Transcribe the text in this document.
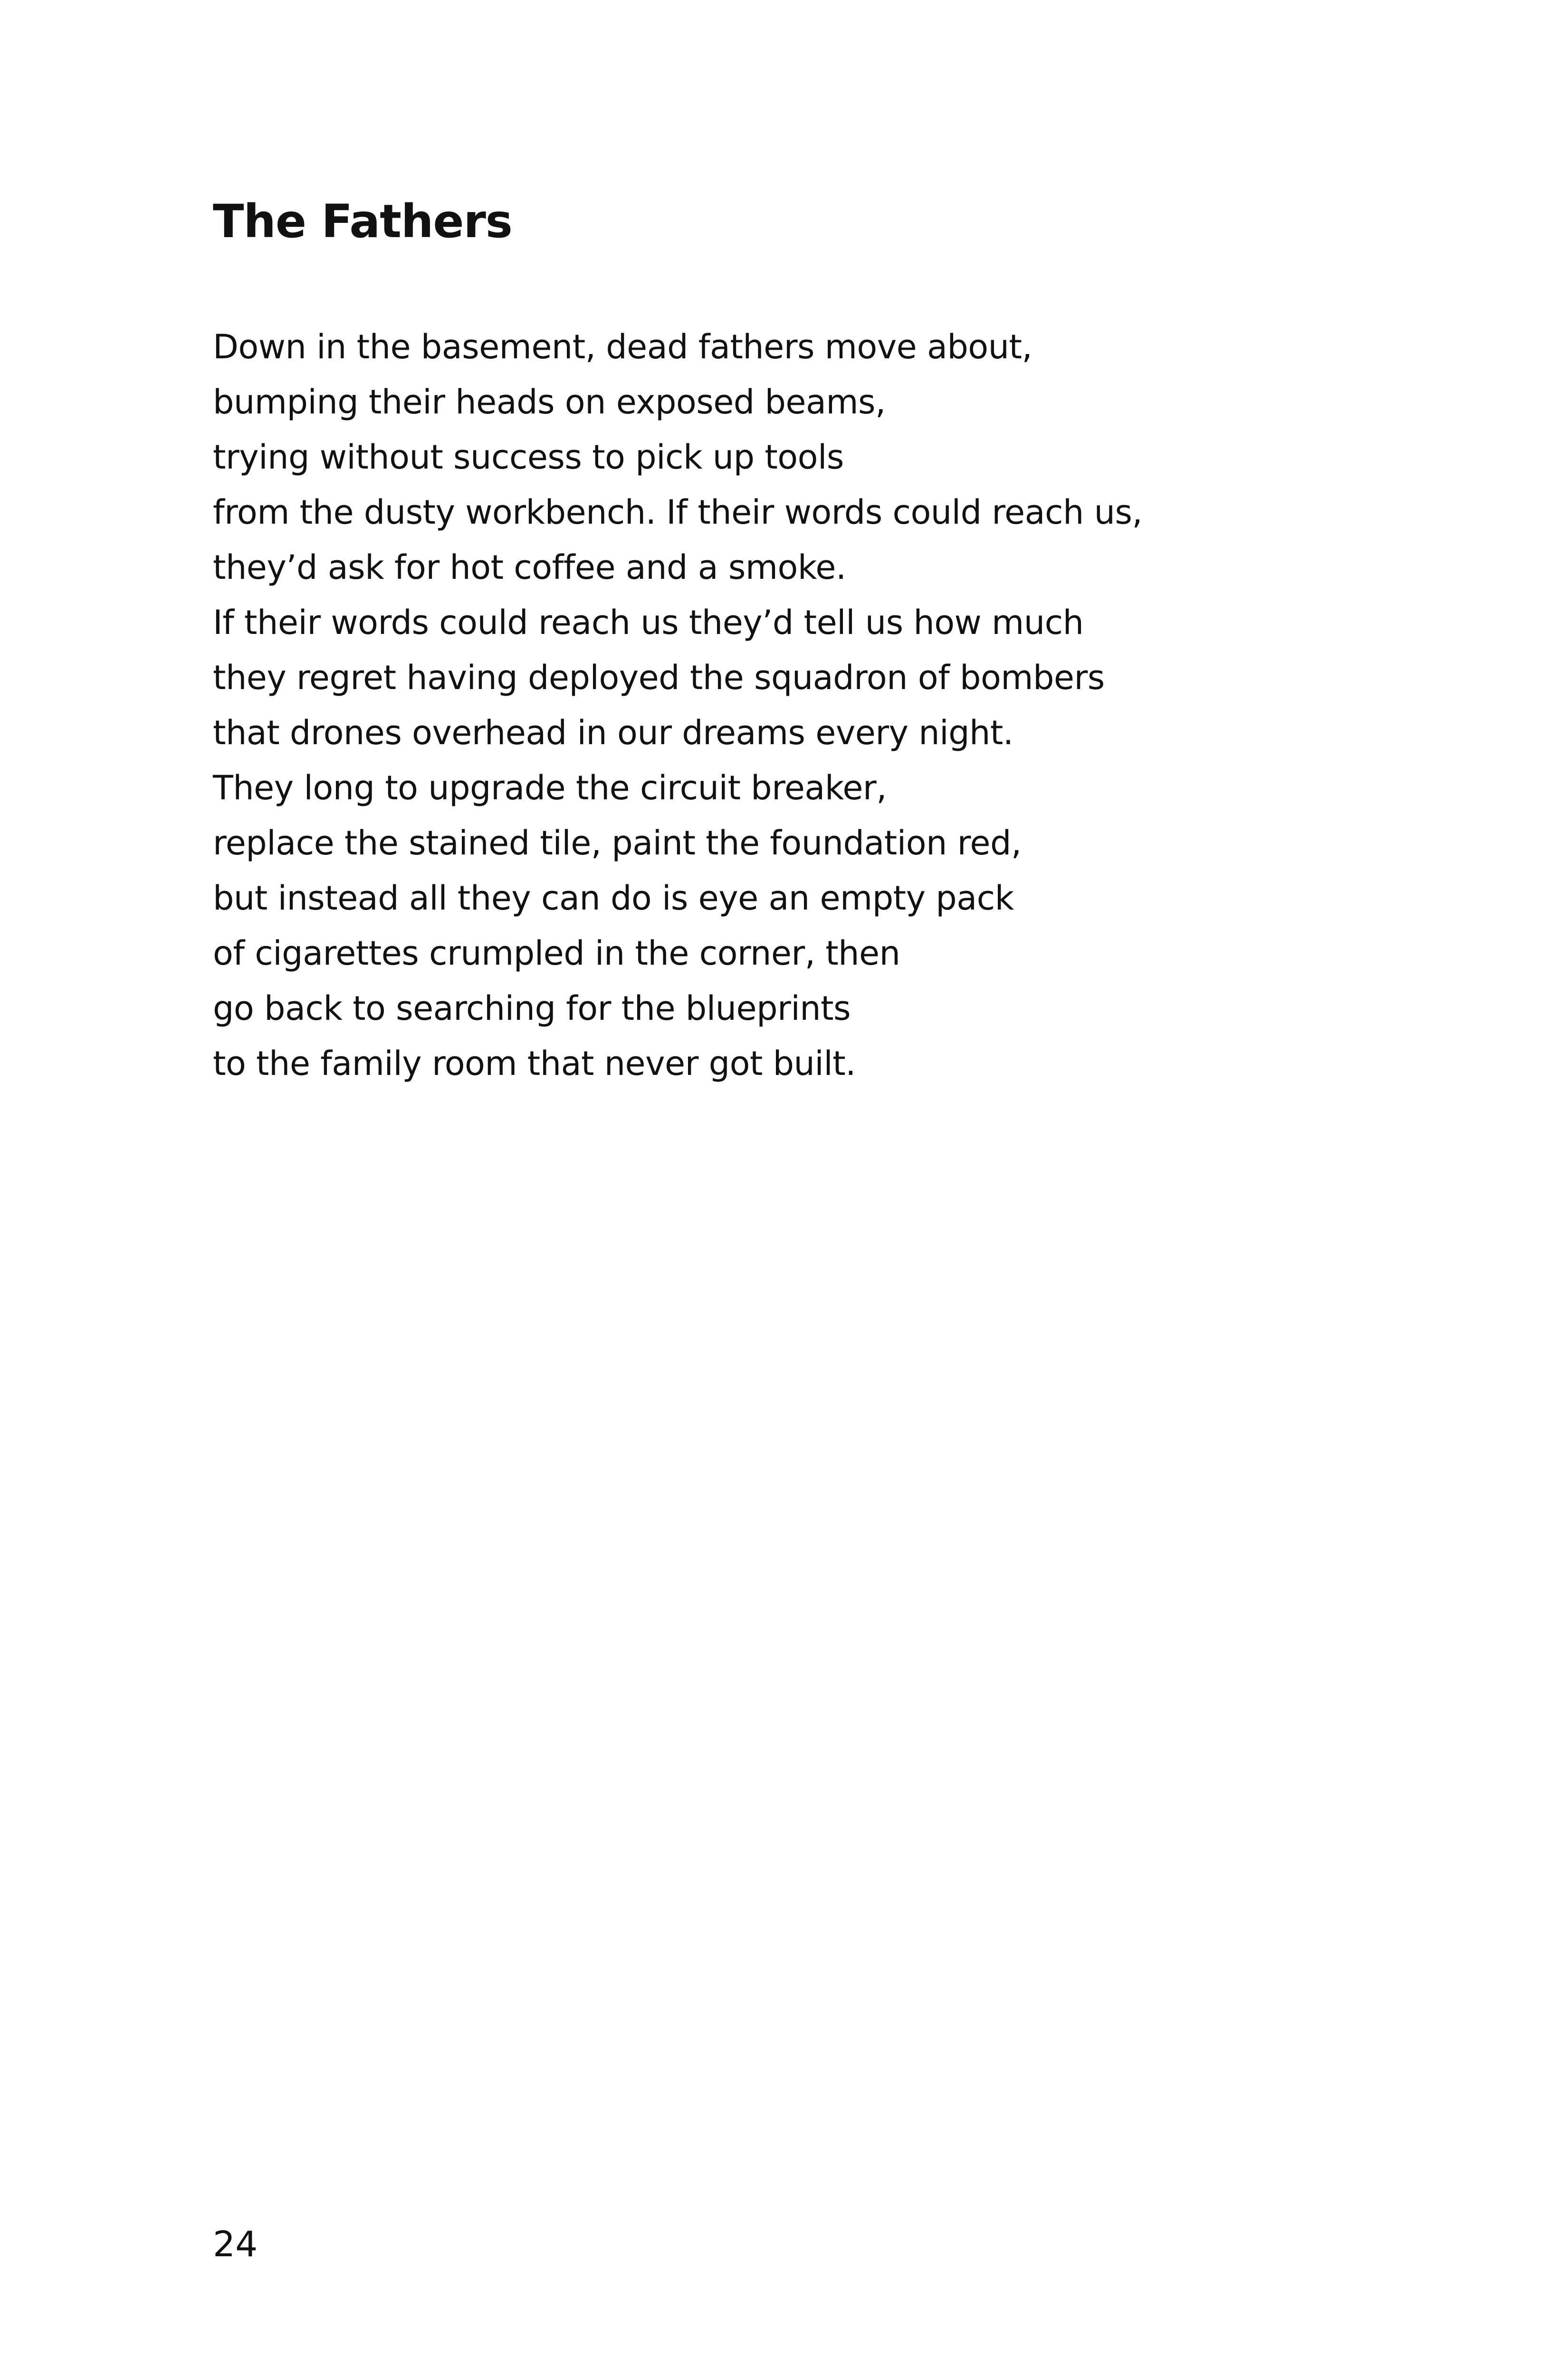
The Fathers
Down in the basement, dead fathers move about,
bumping their heads on exposed beams,
trying without success to pick up tools
from the dusty workbench. If their words could reach us,
they’d ask for hot coffee and a smoke.
If their words could reach us they’d tell us how much
they regret having deployed the squadron of bombers
that drones overhead in our dreams every night.
They long to upgrade the circuit breaker,
replace the stained tile, paint the foundation red,
but instead all they can do is eye an empty pack
of cigarettes crumpled in the corner, then
go back to searching for the blueprints
to the family room that never got built.
24
